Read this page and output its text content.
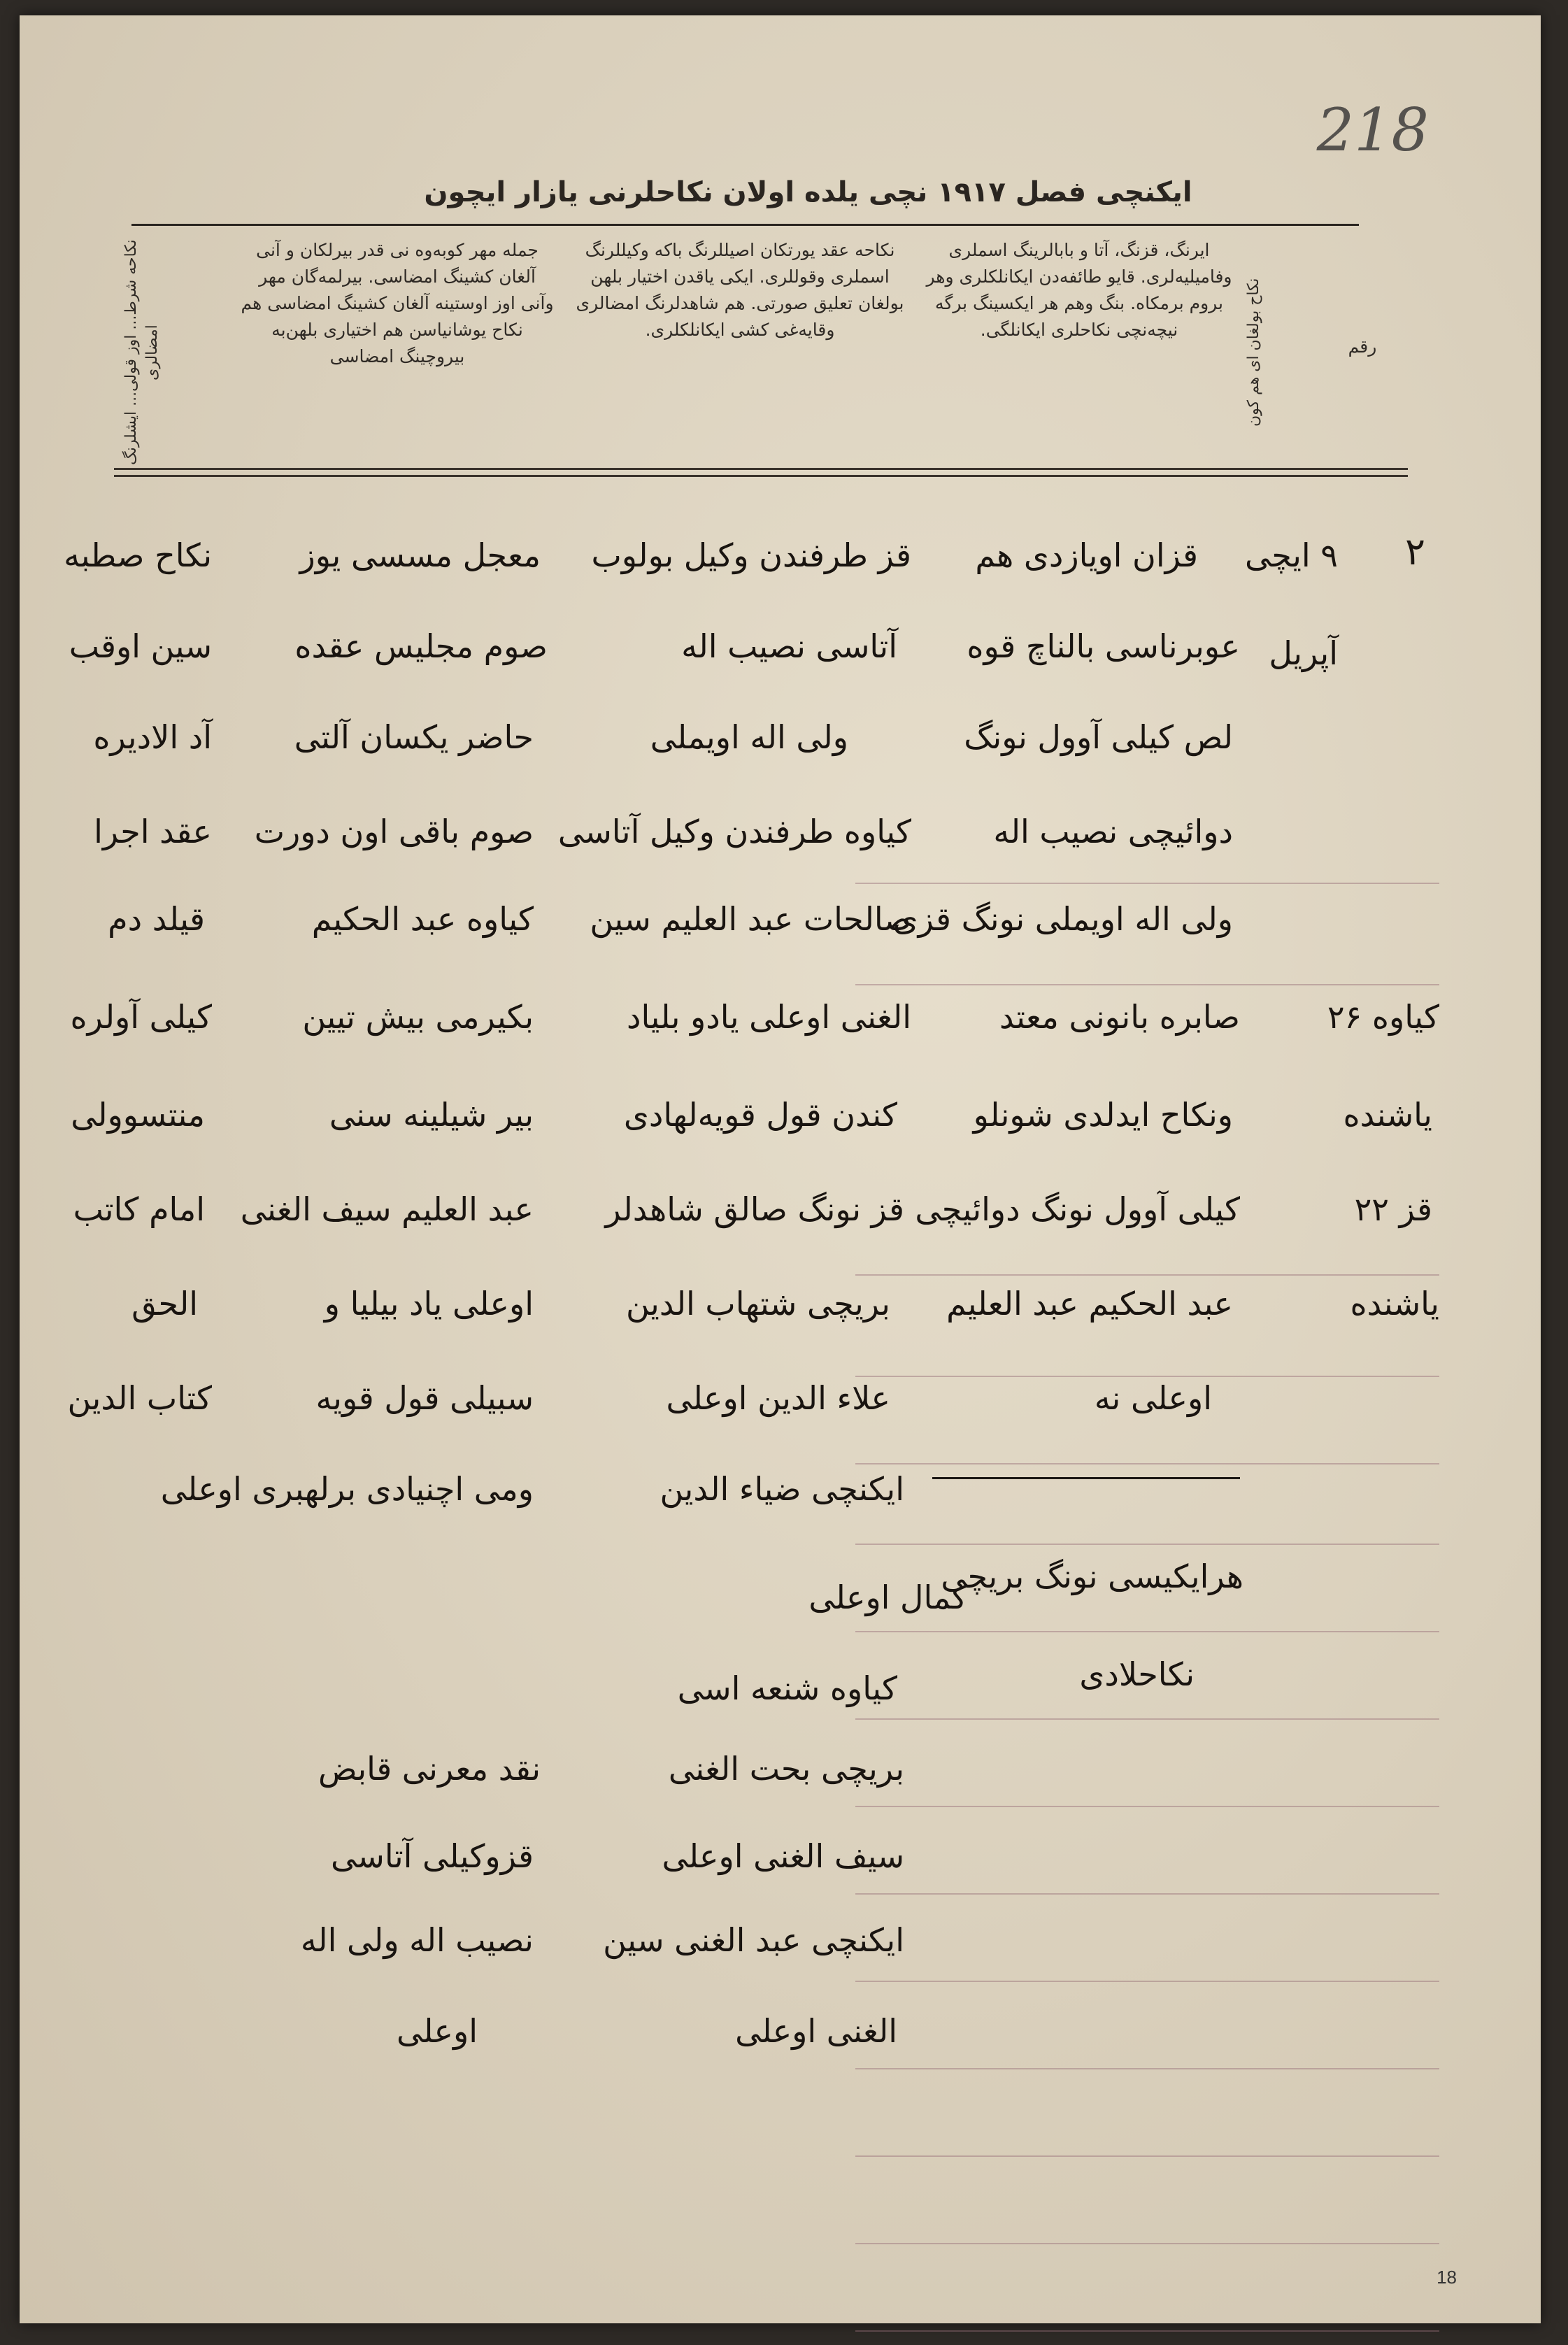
218
ایکنچی فصل ۱۹۱۷ نچی یلده اولان نکاحلرنی یازار ایچون
رقم
نکاح بولغان ای هم کون
ایرنگ، قزنگ، آتا و بابالرینگ اسملری وفامیلیه‌لری. قایو طائفه‌دن ایکانلکلری وهر بروم برمکاه. بنگ وهم هر ایکسینگ برگه نیچه‌نچی نکاحلری ایکانلگی.
نکاحه عقد یورتکان اصیللرنگ باکه وکیللرنگ اسملری وقوللری. ایکی یاقدن اختیار بلهن بولغان تعلیق صورتی. هم شاهدلرنگ امضالری وقایه‌غی کشی ایکانلکلری.
جمله مهر کوبه‌وه نی قدر بیرلکان و آنی آلغان کشینگ امضاسی. بیرلمه‌گان مهر وآنی اوز اوستینه آلغان کشینگ امضاسی هم نکاح یوشانیاسن هم اختیاری بلهن‌به بیروچینگ امضاسی
نکاحه شرط... اوز قولی... ایشلرنگ امضالری
٢
۹ ایچی
آپریل
قزان اویازدی هم
عوبرناسی بالناچ قوه
لص کیلی آوول نونگ
دوائیچی نصیب اله
ولی اله اویملی نونگ قزی
صابره بانونی معتد
ونکاح ایدلدی شونلو
کیلی آوول نونگ دوائیچی
عبد الحکیم عبد العلیم
اوعلی نه
کیاوه ۲۶
یاشنده
قز ۲۲
یاشنده
قز طرفندن وکیل بولوب
آتاسی نصیب اله
ولی اله اویملی
کیاوه طرفندن وکیل آتاسی
صالحات عبد العلیم سین
الغنی اوعلی یادو بلیاد
کندن قول قویه‌لهادی
قز نونگ صالق شاهدلر
بریچی شتهاب الدین
علاء الدین اوعلی
ایکنچی ضیاء الدین
معجل مسسی یوز
صوم مجلیس عقده
حاضر یکسان آلتی
صوم باقی اون دورت
کیاوه عبد الحکیم
بکیرمی بیش تیین
بیر شیلینه سنی
عبد العلیم سیف الغنی
اوعلی یاد بیلیا و
سبیلی قول قویه
ومی اچنیادی برلهبری اوعلی
نکاح صطبه
سین اوقب
آد الادیره
عقد اجرا
قیلد دم
کیلی آولره
منتسوولی
امام کاتب
الحق
کتاب الدین
هرایکیسی نونگ بریچی
کمال اوعلی
نکاحلادی
کیاوه شنعه اسی
بریچی بحت الغنی
سیف الغنی اوعلی
ایکنچی عبد الغنی سین
الغنی اوعلی
نقد معرنی قابض
قزوکیلی آتاسی
نصیب اله ولی اله
اوعلی
18
